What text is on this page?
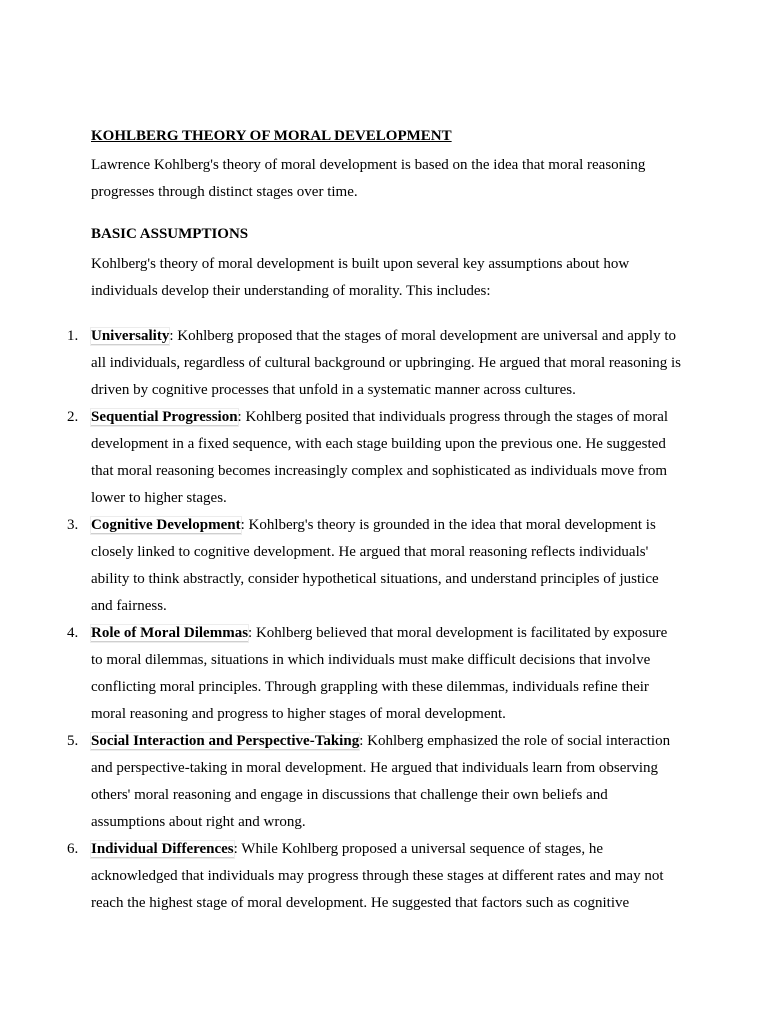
KOHLBERG THEORY OF MORAL DEVELOPMENT

Lawrence Kohlberg's theory of moral development is based on the idea that moral reasoning progresses through distinct stages over time.

BASIC ASSUMPTIONS

Kohlberg's theory of moral development is built upon several key assumptions about how individuals develop their understanding of morality. This includes:

1. Universality: Kohlberg proposed that the stages of moral development are universal and apply to all individuals, regardless of cultural background or upbringing. He argued that moral reasoning is driven by cognitive processes that unfold in a systematic manner across cultures.
2. Sequential Progression: Kohlberg posited that individuals progress through the stages of moral development in a fixed sequence, with each stage building upon the previous one. He suggested that moral reasoning becomes increasingly complex and sophisticated as individuals move from lower to higher stages.
3. Cognitive Development: Kohlberg's theory is grounded in the idea that moral development is closely linked to cognitive development. He argued that moral reasoning reflects individuals' ability to think abstractly, consider hypothetical situations, and understand principles of justice and fairness.
4. Role of Moral Dilemmas: Kohlberg believed that moral development is facilitated by exposure to moral dilemmas, situations in which individuals must make difficult decisions that involve conflicting moral principles. Through grappling with these dilemmas, individuals refine their moral reasoning and progress to higher stages of moral development.
5. Social Interaction and Perspective-Taking: Kohlberg emphasized the role of social interaction and perspective-taking in moral development. He argued that individuals learn from observing others' moral reasoning and engage in discussions that challenge their own beliefs and assumptions about right and wrong.
6. Individual Differences: While Kohlberg proposed a universal sequence of stages, he acknowledged that individuals may progress through these stages at different rates and may not reach the highest stage of moral development. He suggested that factors such as cognitive
